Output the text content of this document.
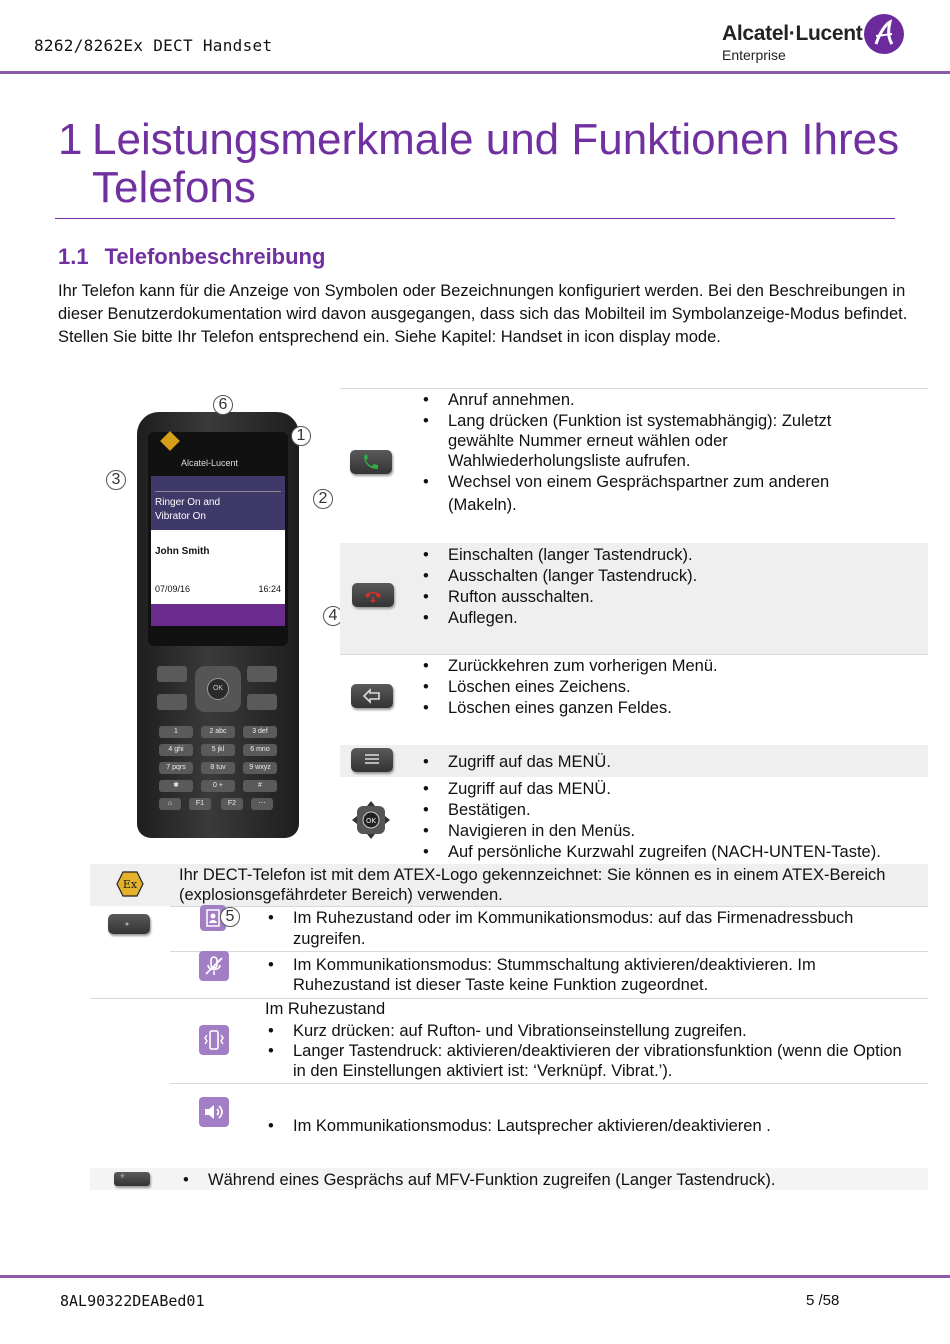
8262/8262Ex DECT Handset
Alcatel·Lucent
Enterprise
1 Leistungsmerkmale und Funktionen Ihres
Telefons
1.1 Telefonbeschreibung

Ihr Telefon kann für die Anzeige von Symbolen oder Bezeichnungen konfiguriert werden. Bei den Beschreibungen in dieser Benutzerdokumentation wird davon ausgegangen, dass sich das Mobilteil im Symbolanzeige-Modus befindet. Stellen Sie bitte Ihr Telefon entsprechend ein. Siehe Kapitel: Handset in icon display mode.

Alcatel-Lucent
Ringer On and
Vibrator On
John Smith
07/09/16	16:24
OK
1	2 abc	3 def
4 ghi	5 jkl	6 mno
7 pqrs	8 tuv	9 wxyz
✱	0 +	#
⌂	F1	F2	⋯
6
1
3
2
4
• Anruf annehmen.
• Lang drücken (Funktion ist systemabhängig): Zuletzt gewählte Nummer erneut wählen oder Wahlwiederholungsliste aufrufen.
• Wechsel von einem Gesprächspartner zum anderen (Makeln).
• Einschalten (langer Tastendruck).
• Ausschalten (langer Tastendruck).
• Rufton ausschalten.
• Auflegen.
• Zurückkehren zum vorherigen Menü.
• Löschen eines Zeichens.
• Löschen eines ganzen Feldes.
• Zugriff auf das MENÜ.
OK
• Zugriff auf das MENÜ.
• Bestätigen.
• Navigieren in den Menüs.
• Auf persönliche Kurzwahl zugreifen (NACH-UNTEN-Taste).
Ex

Ihr DECT-Telefon ist mit dem ATEX-Logo gekennzeichnet: Sie können es in einem ATEX-Bereich (explosionsgefährdeter Bereich) verwenden.

5	• Im Ruhezustand oder im Kommunikationsmodus: auf das Firmenadressbuch zugreifen.
• Im Kommunikationsmodus: Stummschaltung aktivieren/deaktivieren. Im Ruhezustand ist dieser Taste keine Funktion zugeordnet.
Im Ruhezustand
• Kurz drücken: auf Rufton- und Vibrationseinstellung zugreifen.
• Langer Tastendruck: aktivieren/deaktivieren der vibrationsfunktion (wenn die Option in den Einstellungen aktiviert ist: ‘Verknüpf. Vibrat.’).
• Im Kommunikationsmodus: Lautsprecher aktivieren/deaktivieren .
*	• Während eines Gesprächs auf MFV-Funktion zugreifen (Langer Tastendruck).
8AL90322DEABed01	5 /58
